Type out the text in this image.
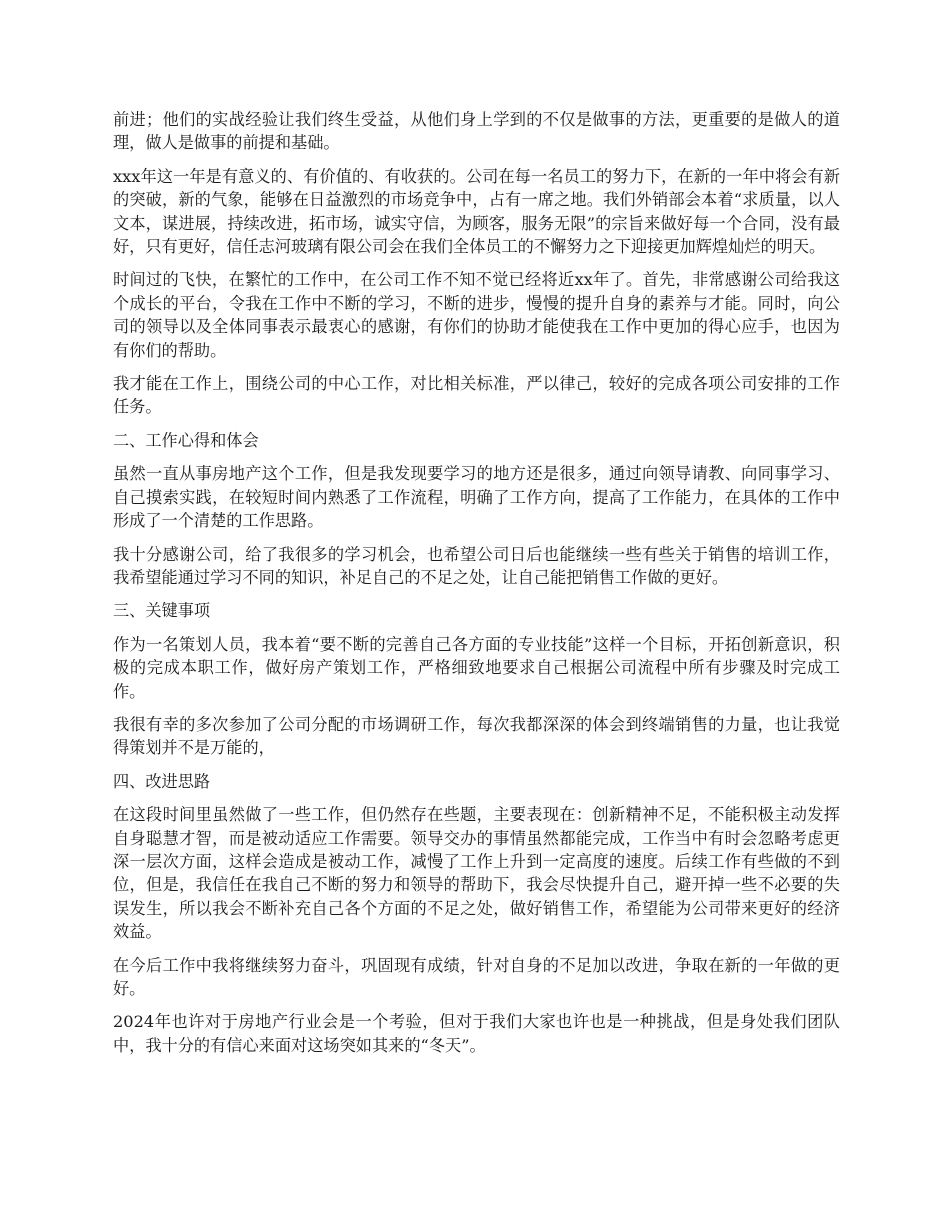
前进；他们的实战经验让我们终生受益，从他们身上学到的不仅是做事的方法，更重要的是做人的道理，做人是做事的前提和基础。

xxx年这一年是有意义的、有价值的、有收获的。公司在每一名员工的努力下，在新的一年中将会有新的突破，新的气象，能够在日益激烈的市场竞争中，占有一席之地。我们外销部会本着“求质量，以人文本，谋进展，持续改进，拓市场，诚实守信，为顾客，服务无限”的宗旨来做好每一个合同，没有最好，只有更好，信任志河玻璃有限公司会在我们全体员工的不懈努力之下迎接更加辉煌灿烂的明天。

时间过的飞快，在繁忙的工作中，在公司工作不知不觉已经将近xx年了。首先，非常感谢公司给我这个成长的平台，令我在工作中不断的学习，不断的进步，慢慢的提升自身的素养与才能。同时，向公司的领导以及全体同事表示最衷心的感谢，有你们的协助才能使我在工作中更加的得心应手，也因为有你们的帮助。

我才能在工作上，围绕公司的中心工作，对比相关标准，严以律己，较好的完成各项公司安排的工作任务。

二、工作心得和体会

虽然一直从事房地产这个工作，但是我发现要学习的地方还是很多，通过向领导请教、向同事学习、自己摸索实践，在较短时间内熟悉了工作流程，明确了工作方向，提高了工作能力，在具体的工作中形成了一个清楚的工作思路。

我十分感谢公司，给了我很多的学习机会，也希望公司日后也能继续一些有些关于销售的培训工作，我希望能通过学习不同的知识，补足自己的不足之处，让自己能把销售工作做的更好。

三、关键事项

作为一名策划人员，我本着“要不断的完善自己各方面的专业技能”这样一个目标，开拓创新意识，积极的完成本职工作，做好房产策划工作，严格细致地要求自己根据公司流程中所有步骤及时完成工作。

我很有幸的多次参加了公司分配的市场调研工作，每次我都深深的体会到终端销售的力量，也让我觉得策划并不是万能的，

四、改进思路

在这段时间里虽然做了一些工作，但仍然存在些题，主要表现在：创新精神不足，不能积极主动发挥自身聪慧才智，而是被动适应工作需要。领导交办的事情虽然都能完成，工作当中有时会忽略考虑更深一层次方面，这样会造成是被动工作，减慢了工作上升到一定高度的速度。后续工作有些做的不到位，但是，我信任在我自己不断的努力和领导的帮助下，我会尽快提升自己，避开掉一些不必要的失误发生，所以我会不断补充自己各个方面的不足之处，做好销售工作，希望能为公司带来更好的经济效益。

在今后工作中我将继续努力奋斗，巩固现有成绩，针对自身的不足加以改进，争取在新的一年做的更好。

2024年也许对于房地产行业会是一个考验，但对于我们大家也许也是一种挑战，但是身处我们团队中，我十分的有信心来面对这场突如其来的“冬天”。
